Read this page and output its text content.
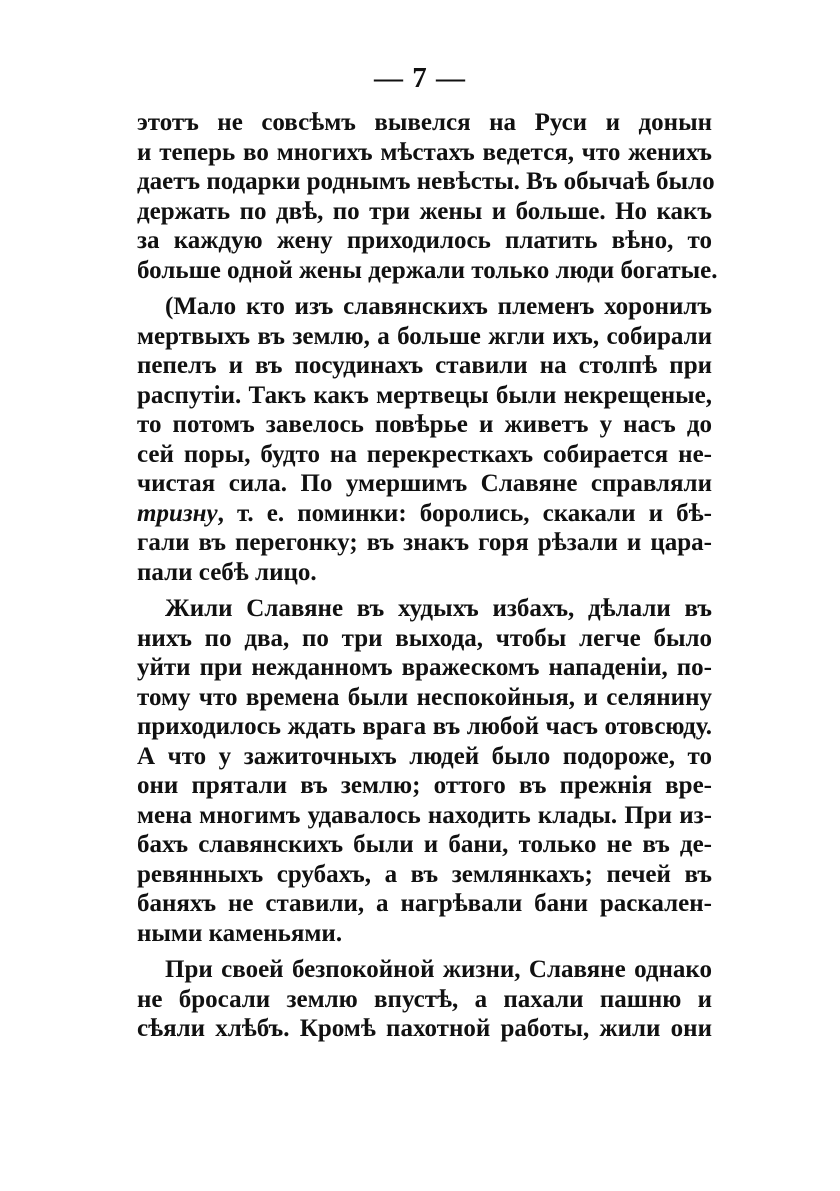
— 7 —
этотъ не совсѣмъ вывелся на Руси и донын
и теперь во многихъ мѣстахъ ведется, что женихъ
даетъ подарки роднымъ невѣсты. Въ обычаѣ было
держать по двѣ, по три жены и больше. Но какъ
за каждую жену приходилось платить вѣно, то
больше одной жены держали только люди богатые.
(Мало кто изъ славянскихъ племенъ хоронилъ
мертвыхъ въ землю, а больше жгли ихъ, собирали
пепелъ и въ посудинахъ ставили на столпѣ при
распутіи. Такъ какъ мертвецы были некрещеные,
то потомъ завелось повѣрье и живетъ у насъ до
сей поры, будто на перекресткахъ собирается не-
чистая сила. По умершимъ Славяне справляли
тризну, т. е. поминки: боролись, скакали и бѣ-
гали въ перегонку; въ знакъ горя рѣзали и цара-
пали себѣ лицо.
Жили Славяне въ худыхъ избахъ, дѣлали въ
нихъ по два, по три выхода, чтобы легче было
уйти при нежданномъ вражескомъ нападеніи, по-
тому что времена были неспокойныя, и селянину
приходилось ждать врага въ любой часъ отовсюду.
А что у зажиточныхъ людей было подороже, то
они прятали въ землю; оттого въ прежнія вре-
мена многимъ удавалось находить клады. При из-
бахъ славянскихъ были и бани, только не въ де-
ревянныхъ срубахъ, а въ землянкахъ; печей въ
баняхъ не ставили, а нагрѣвали бани раскален-
ными каменьями.
При своей безпокойной жизни, Славяне однако
не бросали землю впустѣ, а пахали пашню и
сѣяли хлѣбъ. Кромѣ пахотной работы, жили они
